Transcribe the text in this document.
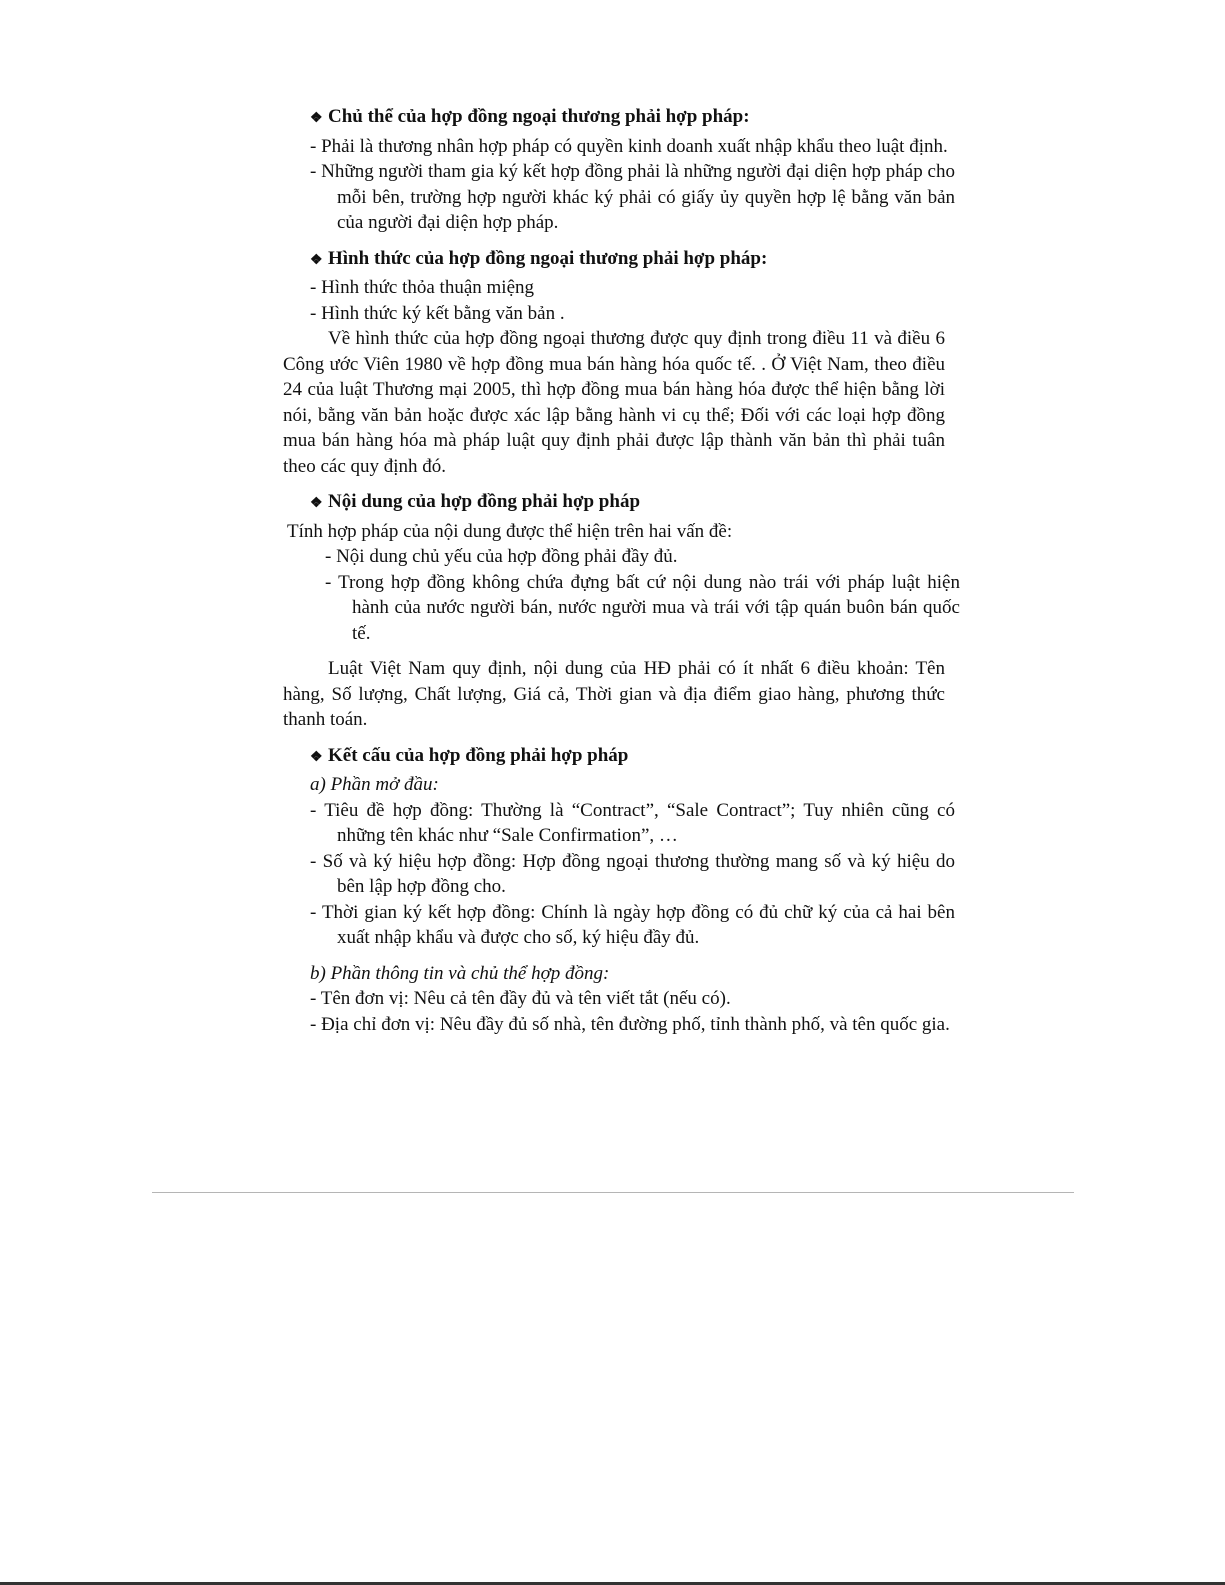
❖ Chủ thể của hợp đồng ngoại thương phải hợp pháp:
- Phải là thương nhân hợp pháp có quyền kinh doanh xuất nhập khẩu theo luật định.
- Những người tham gia ký kết hợp đồng phải là những người đại diện hợp pháp cho mỗi bên, trường hợp người khác ký phải có giấy ủy quyền hợp lệ bằng văn bản của người đại diện hợp pháp.
❖ Hình thức của hợp đồng ngoại thương phải hợp pháp:
- Hình thức thỏa thuận miệng
- Hình thức ký kết bằng văn bản .

Về hình thức của hợp đồng ngoại thương được quy định trong điều 11 và điều 6 Công ước Viên 1980 về hợp đồng mua bán hàng hóa quốc tế. . Ở Việt Nam, theo điều 24 của luật Thương mại 2005, thì hợp đồng mua bán hàng hóa được thể hiện bằng lời nói, bằng văn bản hoặc được xác lập bằng hành vi cụ thể; Đối với các loại hợp đồng mua bán hàng hóa mà pháp luật quy định phải được lập thành văn bản thì phải tuân theo các quy định đó.

❖ Nội dung của hợp đồng phải hợp pháp

Tính hợp pháp của nội dung được thể hiện trên hai vấn đề:

- Nội dung chủ yếu của hợp đồng phải đầy đủ.
- Trong hợp đồng không chứa đựng bất cứ nội dung nào trái với pháp luật hiện hành của nước người bán, nước người mua và trái với tập quán buôn bán quốc tế.

Luật Việt Nam quy định, nội dung của HĐ phải có ít nhất 6 điều khoản: Tên hàng, Số lượng, Chất lượng, Giá cả, Thời gian và địa điểm giao hàng, phương thức thanh toán.

❖ Kết cấu của hợp đồng phải hợp pháp
a) Phần mở đầu:
- Tiêu đề hợp đồng: Thường là “Contract”, “Sale Contract”; Tuy nhiên cũng có những tên khác như “Sale Confirmation”, …
- Số và ký hiệu hợp đồng: Hợp đồng ngoại thương thường mang số và ký hiệu do bên lập hợp đồng cho.
- Thời gian ký kết hợp đồng: Chính là ngày hợp đồng có đủ chữ ký của cả hai bên xuất nhập khẩu và được cho số, ký hiệu đầy đủ.
b) Phần thông tin và chủ thể hợp đồng:
- Tên đơn vị: Nêu cả tên đầy đủ và tên viết tắt (nếu có).
- Địa chỉ đơn vị: Nêu đầy đủ số nhà, tên đường phố, tỉnh thành phố, và tên quốc gia.
